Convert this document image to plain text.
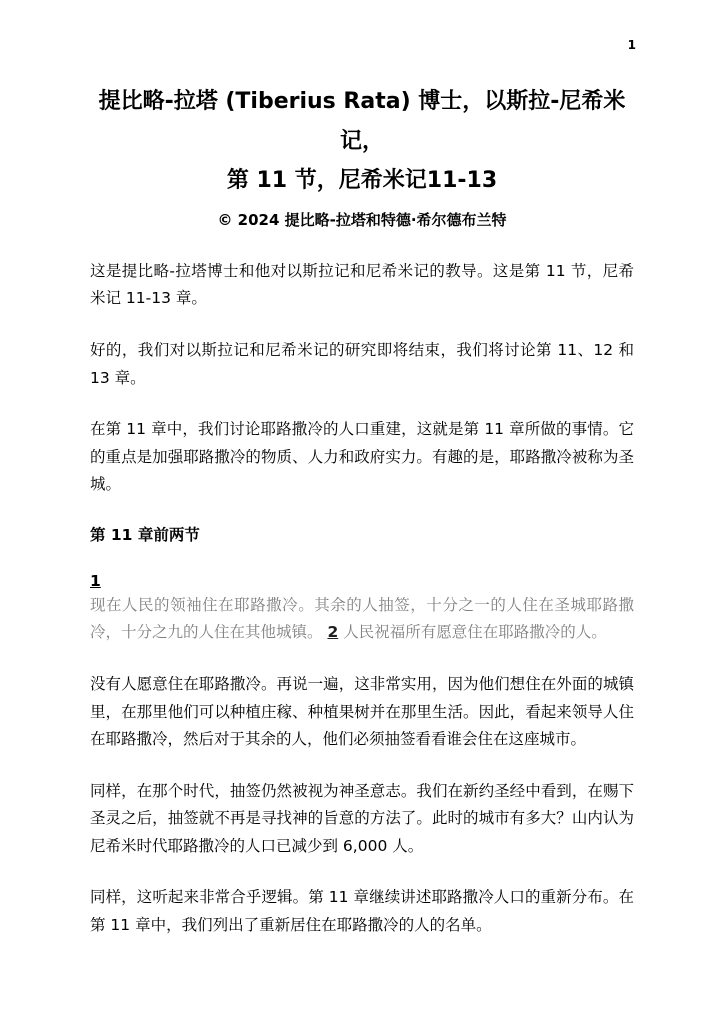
1
提比略-拉塔 (Tiberius Rata) 博士，以斯拉-尼希米记，
第 11 节，尼希米记11-13
© 2024 提比略-拉塔和特德·希尔德布兰特

这是提比略-拉塔博士和他对以斯拉记和尼希米记的教导。这是第 11 节，尼希米记 11-13 章。

好的，我们对以斯拉记和尼希米记的研究即将结束，我们将讨论第 11、12 和 13 章。

在第 11 章中，我们讨论耶路撒冷的人口重建，这就是第 11 章所做的事情。它的重点是加强耶路撒冷的物质、人力和政府实力。有趣的是，耶路撒冷被称为圣城。

第 11 章前两节

1

现在人民的领袖住在耶路撒冷。其余的人抽签，十分之一的人住在圣城耶路撒冷，十分之九的人住在其他城镇。 2 人民祝福所有愿意住在耶路撒冷的人。

没有人愿意住在耶路撒冷。再说一遍，这非常实用，因为他们想住在外面的城镇里，在那里他们可以种植庄稼、种植果树并在那里生活。因此，看起来领导人住在耶路撒冷，然后对于其余的人，他们必须抽签看看谁会住在这座城市。

同样，在那个时代，抽签仍然被视为神圣意志。我们在新约圣经中看到，在赐下圣灵之后，抽签就不再是寻找神的旨意的方法了。此时的城市有多大？山内认为尼希米时代耶路撒冷的人口已减少到 6,000 人。

同样，这听起来非常合乎逻辑。第 11 章继续讲述耶路撒冷人口的重新分布。在第 11 章中，我们列出了重新居住在耶路撒冷的人的名单。
